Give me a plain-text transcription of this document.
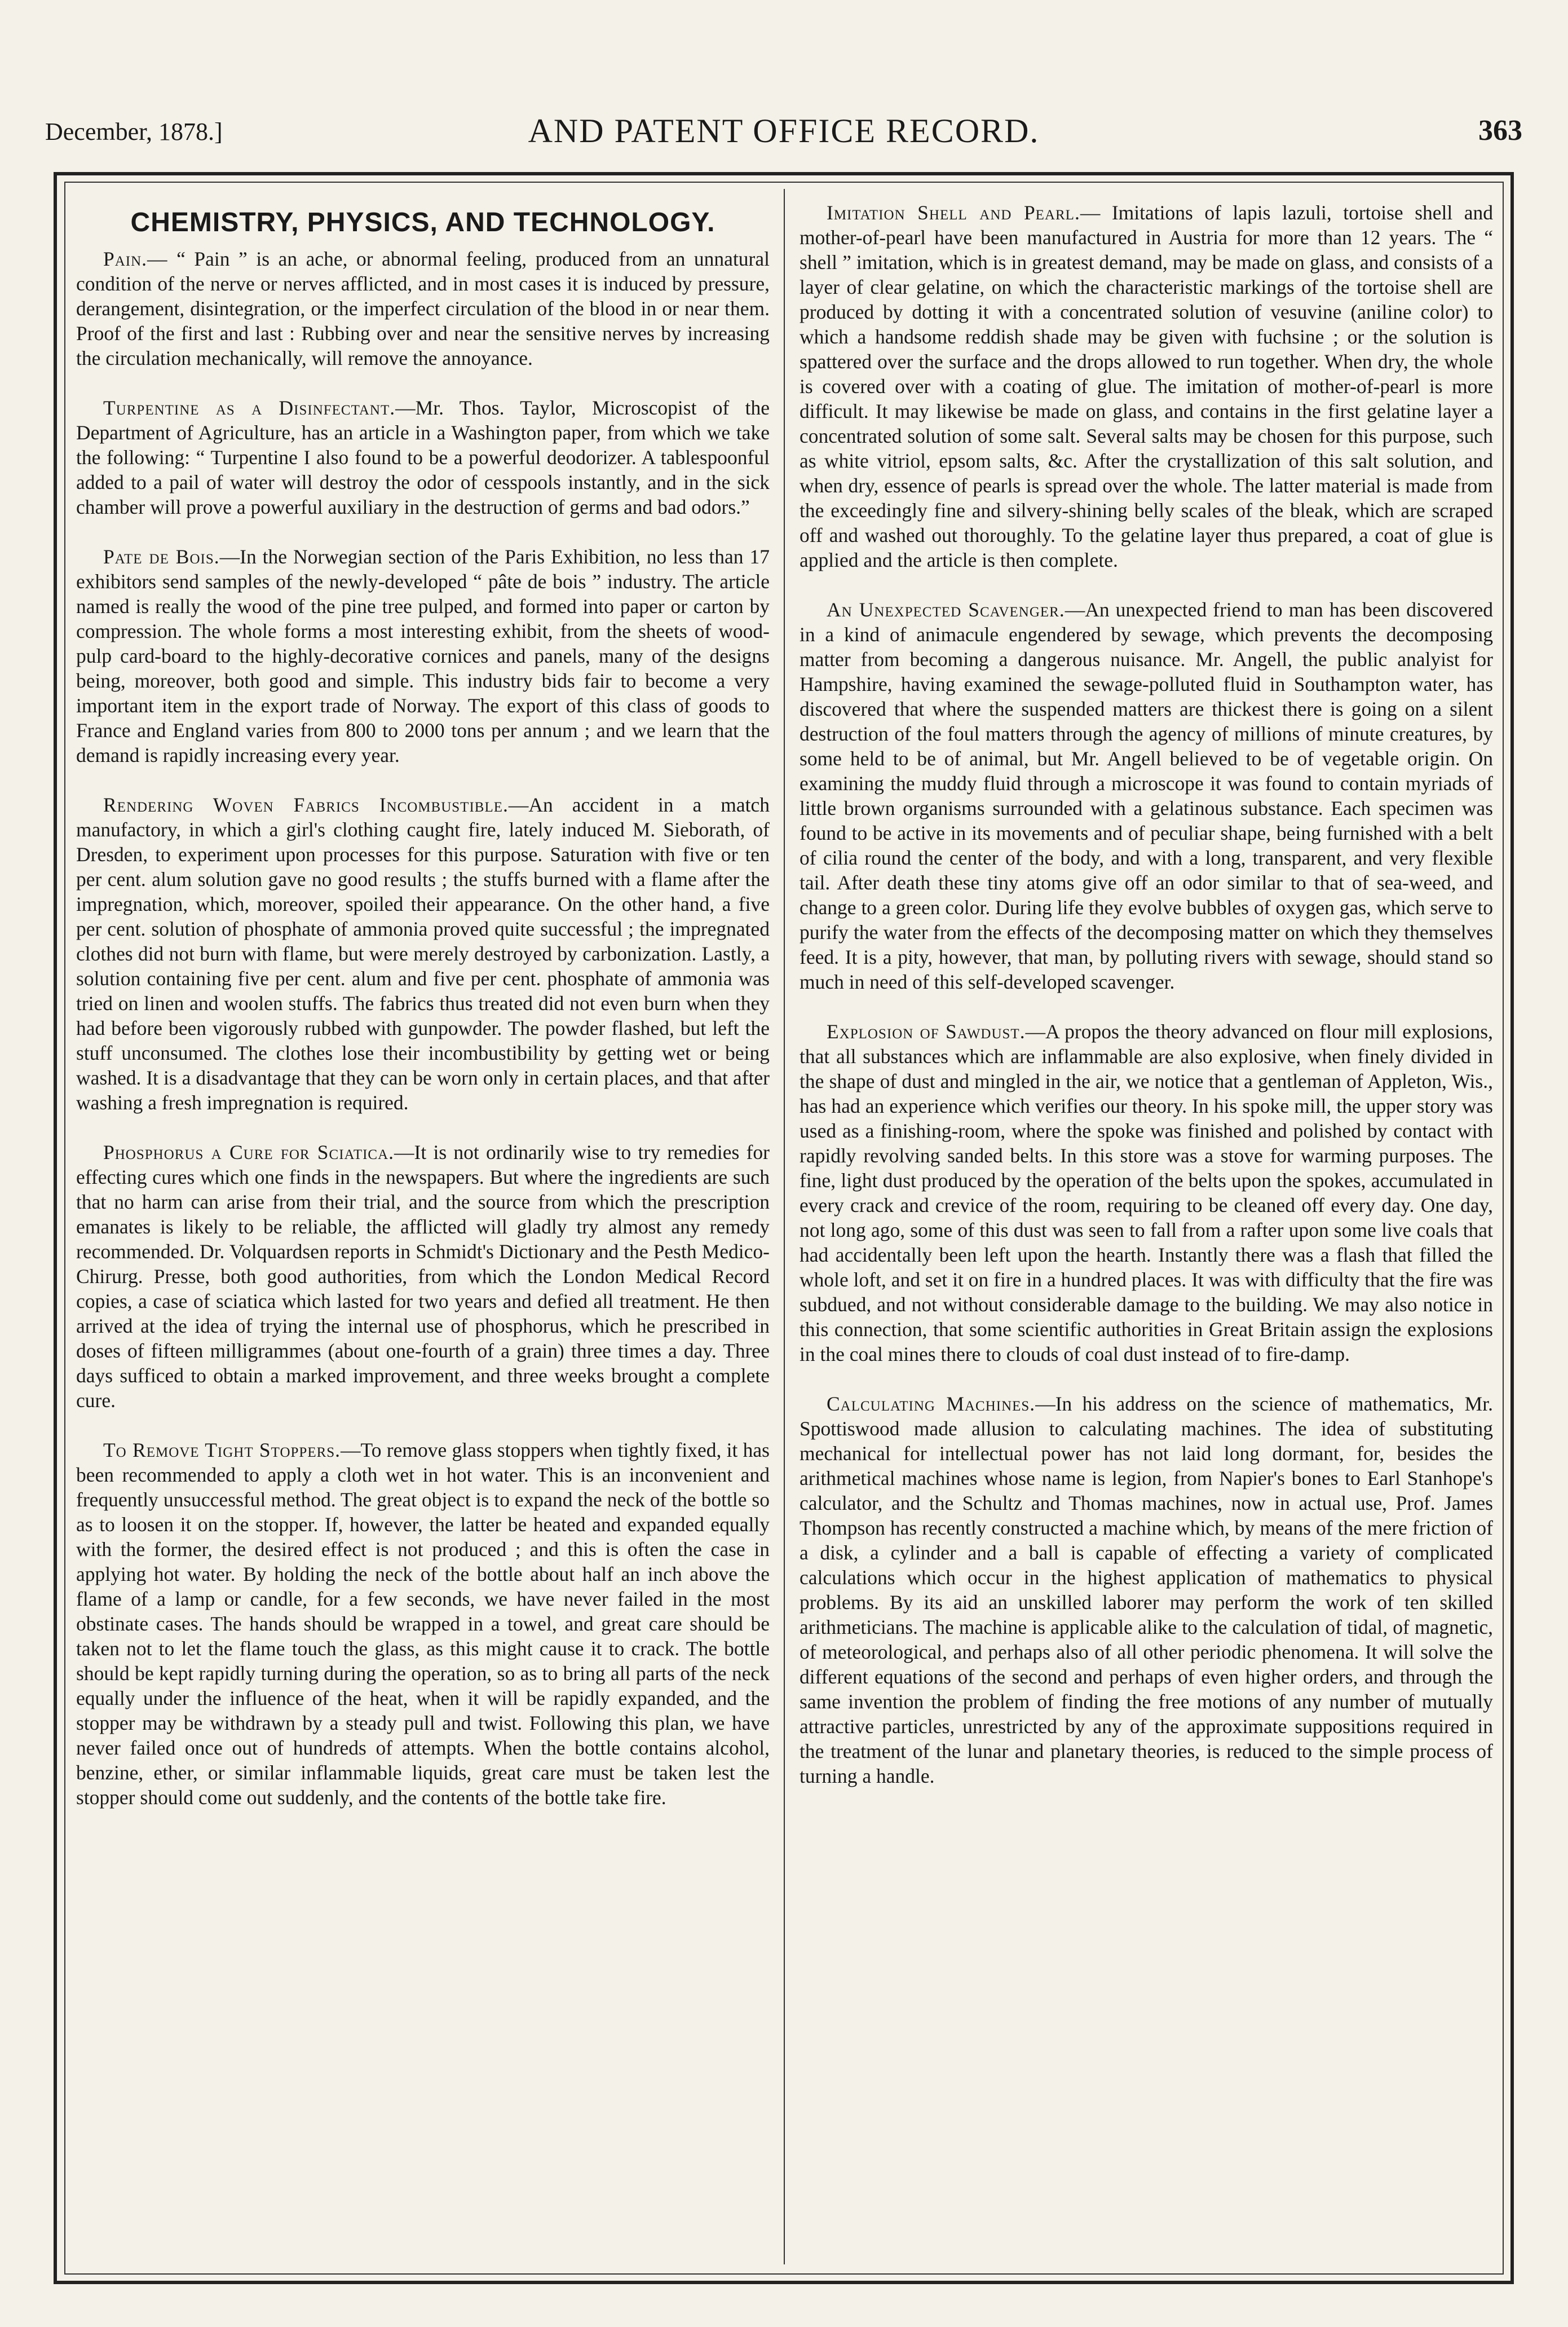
December, 1878.]	AND PATENT OFFICE RECORD.	363
CHEMISTRY, PHYSICS, AND TECHNOLOGY.

Pain.— “ Pain ” is an ache, or abnormal feeling, produced from an unnatural condition of the nerve or nerves afflicted, and in most cases it is induced by pressure, derangement, disintegration, or the imperfect circulation of the blood in or near them. Proof of the first and last : Rubbing over and near the sensitive nerves by increasing the circulation mechanically, will remove the annoyance.

Turpentine as a Disinfectant.—Mr. Thos. Taylor, Microscopist of the Department of Agriculture, has an article in a Washington paper, from which we take the following: “ Turpentine I also found to be a powerful deodorizer. A tablespoonful added to a pail of water will destroy the odor of cesspools instantly, and in the sick chamber will prove a powerful auxiliary in the destruction of germs and bad odors.”

Pate de Bois.—In the Norwegian section of the Paris Exhibition, no less than 17 exhibitors send samples of the newly-developed “ pâte de bois ” industry. The article named is really the wood of the pine tree pulped, and formed into paper or carton by compression. The whole forms a most interesting exhibit, from the sheets of wood-pulp card-board to the highly-decorative cornices and panels, many of the designs being, moreover, both good and simple. This industry bids fair to become a very important item in the export trade of Norway. The export of this class of goods to France and England varies from 800 to 2000 tons per annum ; and we learn that the demand is rapidly increasing every year.

Rendering Woven Fabrics Incombustible.—An accident in a match manufactory, in which a girl's clothing caught fire, lately induced M. Sieborath, of Dresden, to experiment upon processes for this purpose. Saturation with five or ten per cent. alum solution gave no good results ; the stuffs burned with a flame after the impregnation, which, moreover, spoiled their appearance. On the other hand, a five per cent. solution of phosphate of ammonia proved quite successful ; the impregnated clothes did not burn with flame, but were merely destroyed by carbonization. Lastly, a solution containing five per cent. alum and five per cent. phosphate of ammonia was tried on linen and woolen stuffs. The fabrics thus treated did not even burn when they had before been vigorously rubbed with gunpowder. The powder flashed, but left the stuff unconsumed. The clothes lose their incombustibility by getting wet or being washed. It is a disadvantage that they can be worn only in certain places, and that after washing a fresh impregnation is required.

Phosphorus a Cure for Sciatica.—It is not ordinarily wise to try remedies for effecting cures which one finds in the newspapers. But where the ingredients are such that no harm can arise from their trial, and the source from which the prescription emanates is likely to be reliable, the afflicted will gladly try almost any remedy recommended. Dr. Volquardsen reports in Schmidt's Dictionary and the Pesth Medico-Chirurg. Presse, both good authorities, from which the London Medical Record copies, a case of sciatica which lasted for two years and defied all treatment. He then arrived at the idea of trying the internal use of phosphorus, which he prescribed in doses of fifteen milligrammes (about one-fourth of a grain) three times a day. Three days sufficed to obtain a marked improvement, and three weeks brought a complete cure.

To Remove Tight Stoppers.—To remove glass stoppers when tightly fixed, it has been recommended to apply a cloth wet in hot water. This is an inconvenient and frequently unsuccessful method. The great object is to expand the neck of the bottle so as to loosen it on the stopper. If, however, the latter be heated and expanded equally with the former, the desired effect is not produced ; and this is often the case in applying hot water. By holding the neck of the bottle about half an inch above the flame of a lamp or candle, for a few seconds, we have never failed in the most obstinate cases. The hands should be wrapped in a towel, and great care should be taken not to let the flame touch the glass, as this might cause it to crack. The bottle should be kept rapidly turning during the operation, so as to bring all parts of the neck equally under the influence of the heat, when it will be rapidly expanded, and the stopper may be withdrawn by a steady pull and twist. Following this plan, we have never failed once out of hundreds of attempts. When the bottle contains alcohol, benzine, ether, or similar inflammable liquids, great care must be taken lest the stopper should come out suddenly, and the contents of the bottle take fire.

Imitation Shell and Pearl.— Imitations of lapis lazuli, tortoise shell and mother-of-pearl have been manufactured in Austria for more than 12 years. The “ shell ” imitation, which is in greatest demand, may be made on glass, and consists of a layer of clear gelatine, on which the characteristic markings of the tortoise shell are produced by dotting it with a concentrated solution of vesuvine (aniline color) to which a handsome reddish shade may be given with fuchsine ; or the solution is spattered over the surface and the drops allowed to run together. When dry, the whole is covered over with a coating of glue. The imitation of mother-of-pearl is more difficult. It may likewise be made on glass, and contains in the first gelatine layer a concentrated solution of some salt. Several salts may be chosen for this purpose, such as white vitriol, epsom salts, &c. After the crystallization of this salt solution, and when dry, essence of pearls is spread over the whole. The latter material is made from the exceedingly fine and silvery-shining belly scales of the bleak, which are scraped off and washed out thoroughly. To the gelatine layer thus prepared, a coat of glue is applied and the article is then complete.

An Unexpected Scavenger.—An unexpected friend to man has been discovered in a kind of animacule engendered by sewage, which prevents the decomposing matter from becoming a dangerous nuisance. Mr. Angell, the public analyist for Hampshire, having examined the sewage-polluted fluid in Southampton water, has discovered that where the suspended matters are thickest there is going on a silent destruction of the foul matters through the agency of millions of minute creatures, by some held to be of animal, but Mr. Angell believed to be of vegetable origin. On examining the muddy fluid through a microscope it was found to contain myriads of little brown organisms surrounded with a gelatinous substance. Each specimen was found to be active in its movements and of peculiar shape, being furnished with a belt of cilia round the center of the body, and with a long, transparent, and very flexible tail. After death these tiny atoms give off an odor similar to that of sea-weed, and change to a green color. During life they evolve bubbles of oxygen gas, which serve to purify the water from the effects of the decomposing matter on which they themselves feed. It is a pity, however, that man, by polluting rivers with sewage, should stand so much in need of this self-developed scavenger.

Explosion of Sawdust.—A propos the theory advanced on flour mill explosions, that all substances which are inflammable are also explosive, when finely divided in the shape of dust and mingled in the air, we notice that a gentleman of Appleton, Wis., has had an experience which verifies our theory. In his spoke mill, the upper story was used as a finishing-room, where the spoke was finished and polished by contact with rapidly revolving sanded belts. In this store was a stove for warming purposes. The fine, light dust produced by the operation of the belts upon the spokes, accumulated in every crack and crevice of the room, requiring to be cleaned off every day. One day, not long ago, some of this dust was seen to fall from a rafter upon some live coals that had accidentally been left upon the hearth. Instantly there was a flash that filled the whole loft, and set it on fire in a hundred places. It was with difficulty that the fire was subdued, and not without considerable damage to the building. We may also notice in this connection, that some scientific authorities in Great Britain assign the explosions in the coal mines there to clouds of coal dust instead of to fire-damp.

Calculating Machines.—In his address on the science of mathematics, Mr. Spottiswood made allusion to calculating machines. The idea of substituting mechanical for intellectual power has not laid long dormant, for, besides the arithmetical machines whose name is legion, from Napier's bones to Earl Stanhope's calculator, and the Schultz and Thomas machines, now in actual use, Prof. James Thompson has recently constructed a machine which, by means of the mere friction of a disk, a cylinder and a ball is capable of effecting a variety of complicated calculations which occur in the highest application of mathematics to physical problems. By its aid an unskilled laborer may perform the work of ten skilled arithmeticians. The machine is applicable alike to the calculation of tidal, of magnetic, of meteorological, and perhaps also of all other periodic phenomena. It will solve the different equations of the second and perhaps of even higher orders, and through the same invention the problem of finding the free motions of any number of mutually attractive particles, unrestricted by any of the approximate suppositions required in the treatment of the lunar and planetary theories, is reduced to the simple process of turning a handle.
